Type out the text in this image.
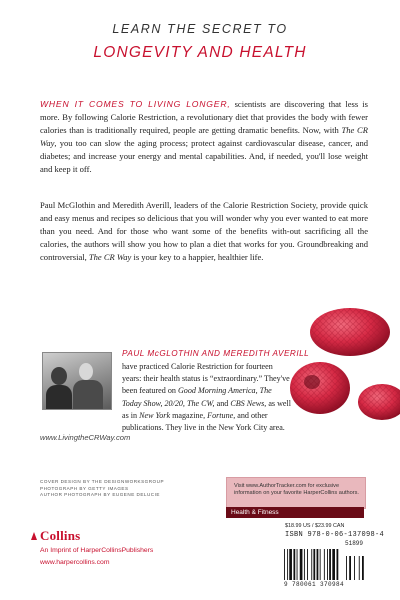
LEARN THE SECRET TO
LONGEVITY AND HEALTH
WHEN IT COMES TO LIVING LONGER, scientists are discovering that less is more. By following Calorie Restriction, a revolutionary diet that provides the body with fewer calories than is traditionally required, people are getting dramatic benefits. Now, with The CR Way, you too can slow the aging process; protect against cardiovascular disease, cancer, and diabetes; and increase your energy and mental capabilities. And, if needed, you'll lose weight and keep it off.
Paul McGlothin and Meredith Averill, leaders of the Calorie Restriction Society, provide quick and easy menus and recipes so delicious that you will wonder why you ever wanted to eat more than you need. And for those who want some of the benefits with-out sacrificing all the calories, the authors will show you how to plan a diet that works for you. Groundbreaking and controversial, The CR Way is your key to a happier, healthier life.
PAUL McGLOTHIN AND MEREDITH AVERILL
have practiced Calorie Restriction for fourteen years: their health status is “extraordinary.” They've been featured on Good Morning America, The Today Show, 20/20, The CW, and CBS News, as well as in New York magazine, Fortune, and other publications. They live in the New York City area.
www.LivingtheCRWay.com
COVER DESIGN BY THE DESIGNWORKSGROUP
PHOTOGRAPH BY GETTY IMAGES
AUTHOR PHOTOGRAPH BY EUGENE DELUCIE
Visit www.AuthorTracker.com for exclusive information on your favorite HarperCollins authors.
Health & Fitness
$18.99 US / $23.99 CAN
ISBN 978-0-06-137098-4
51899
9 780061 370984
Collins
An Imprint of HarperCollinsPublishers
www.harpercollins.com
